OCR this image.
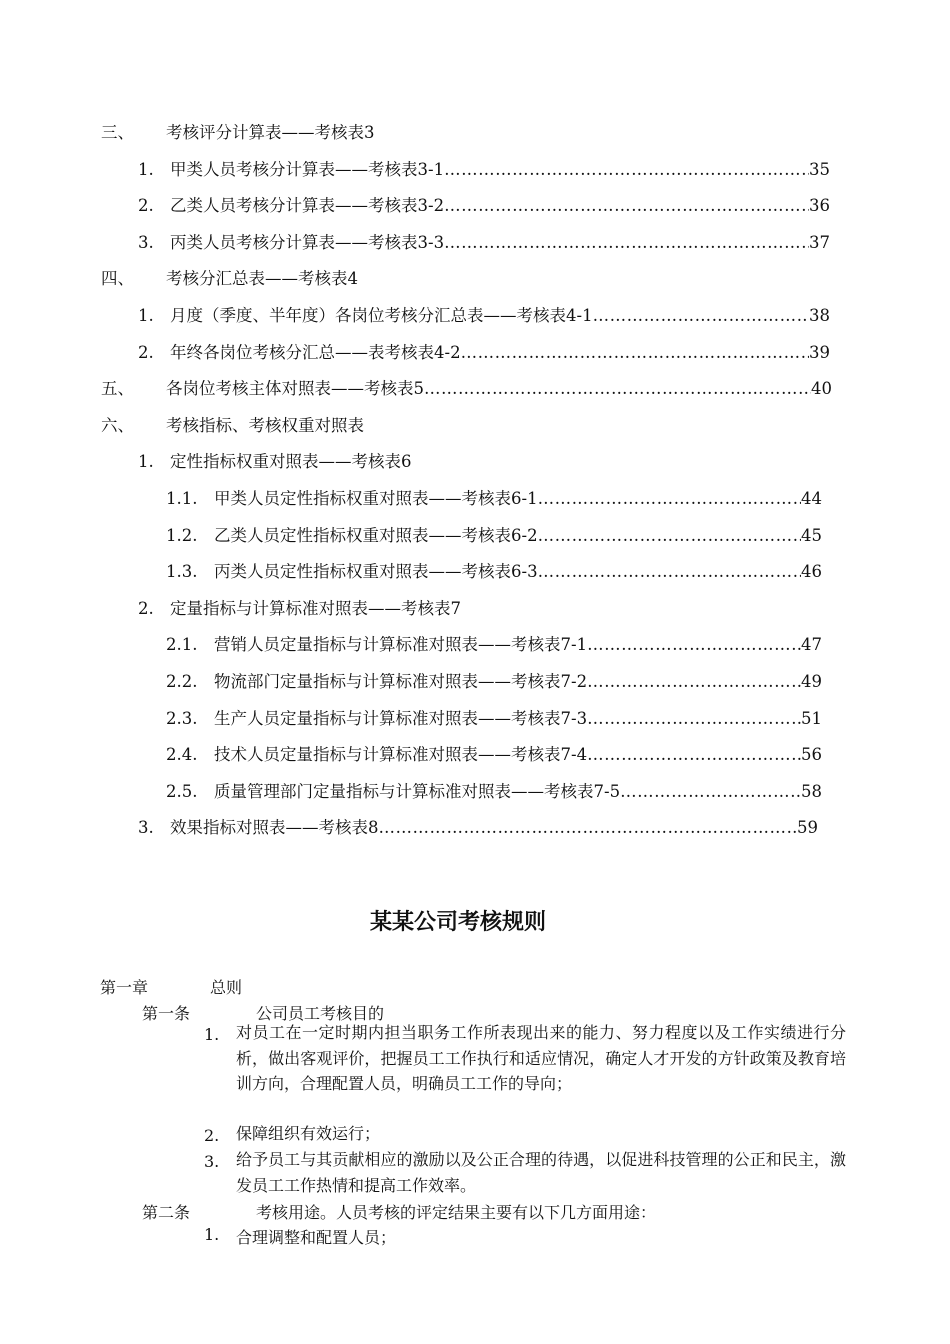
三、 考核评分计算表——考核表3
1. 甲类人员考核分计算表——考核表3-1 …………………………………………………………………………………………………………………………………………………………………………	35
2. 乙类人员考核分计算表——考核表3-2 …………………………………………………………………………………………………………………………………………………………………………	36
3. 丙类人员考核分计算表——考核表3-3 …………………………………………………………………………………………………………………………………………………………………………	37
四、 考核分汇总表——考核表4
1. 月度（季度、半年度）各岗位考核分汇总表——考核表4-1 …………………………………………………………………………………………………………………………………………………………………………	38
2. 年终各岗位考核分汇总——表考核表4-2 …………………………………………………………………………………………………………………………………………………………………………	39
五、 各岗位考核主体对照表——考核表5 …………………………………………………………………………………………………………………………………………………………………………	40
六、 考核指标、考核权重对照表
1. 定性指标权重对照表——考核表6
1.1. 甲类人员定性指标权重对照表——考核表6-1 …………………………………………………………………………………………………………………………………………………………………………	44
1.2. 乙类人员定性指标权重对照表——考核表6-2 …………………………………………………………………………………………………………………………………………………………………………	45
1.3. 丙类人员定性指标权重对照表——考核表6-3 …………………………………………………………………………………………………………………………………………………………………………	46
2. 定量指标与计算标准对照表——考核表7
2.1. 营销人员定量指标与计算标准对照表——考核表7-1 …………………………………………………………………………………………………………………………………………………………………………	47
2.2. 物流部门定量指标与计算标准对照表——考核表7-2 …………………………………………………………………………………………………………………………………………………………………………	49
2.3. 生产人员定量指标与计算标准对照表——考核表7-3 …………………………………………………………………………………………………………………………………………………………………………	51
2.4. 技术人员定量指标与计算标准对照表——考核表7-4 …………………………………………………………………………………………………………………………………………………………………………	56
2.5. 质量管理部门定量指标与计算标准对照表——考核表7-5 …………………………………………………………………………………………………………………………………………………………………………	58
3. 效果指标对照表——考核表8 …………………………………………………………………………………………………………………………………………………………………………	59
某某公司考核规则
第一章	总则
第一条	公司员工考核目的
1. 对员工在一定时期内担当职务工作所表现出来的能力、努力程度以及工作实绩进行分析，做出客观评价，把握员工工作执行和适应情况，确定人才开发的方针政策及教育培训方向，合理配置人员，明确员工工作的导向；
2. 保障组织有效运行；
3. 给予员工与其贡献相应的激励以及公正合理的待遇，以促进科技管理的公正和民主，激发员工工作热情和提高工作效率。
第二条	考核用途。人员考核的评定结果主要有以下几方面用途：
1. 合理调整和配置人员；
